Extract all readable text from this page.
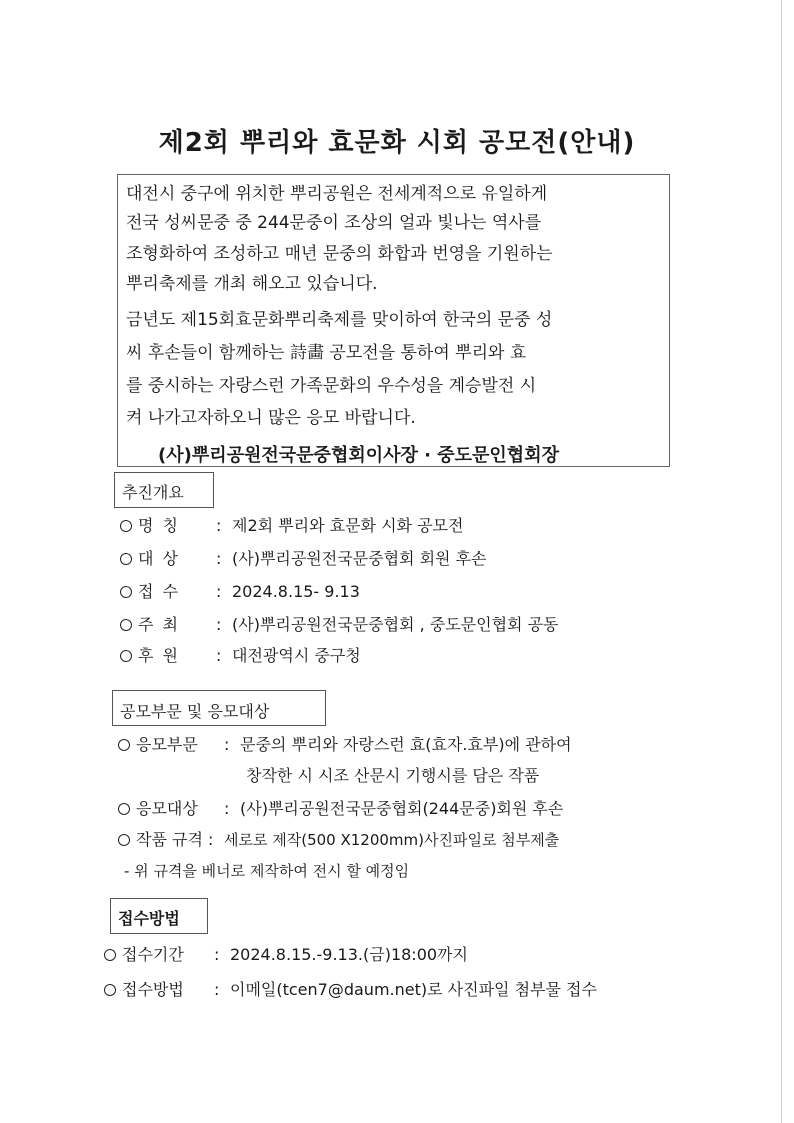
제2회 뿌리와 효문화 시회 공모전(안내)
대전시 중구에 위치한 뿌리공원은 전세계적으로 유일하게
전국 성씨문중 중 244문중이 조상의 얼과 빛나는 역사를
조형화하여 조성하고 매년 문중의 화합과 번영을 기원하는
뿌리축제를 개최 해오고 있습니다.
금년도 제15회효문화뿌리축제를 맞이하여 한국의 문중 성
씨 후손들이 함께하는 詩畵 공모전을 통하여 뿌리와 효
를 중시하는 자랑스런 가족문화의 우수성을 계승발전 시
켜 나가고자하오니 많은 응모 바랍니다.
(사)뿌리공원전국문중협회이사장 · 중도문인협회장
추진개요
명 칭 : 제2회 뿌리와 효문화 시화 공모전
대 상 : (사)뿌리공원전국문중협회 회원 후손
접 수 : 2024.8.15- 9.13
주 최 : (사)뿌리공원전국문중협회 , 중도문인협회 공동
후 원 : 대전광역시 중구청
공모부문 및 응모대상
응모부문 : 문중의 뿌리와 자랑스런 효(효자.효부)에 관하여
창작한 시 시조 산문시 기행시를 담은 작품
응모대상 : (사)뿌리공원전국문중협회(244문중)회원 후손
작품 규격 : 세로로 제작(500 X1200mm)사진파일로 첨부제출
- 위 규격을 베너로 제작하여 전시 할 예정임
접수방법
접수기간 : 2024.8.15.-9.13.(금)18:00까지
접수방법 : 이메일(tcen7@daum.net)로 사진파일 첨부물 접수
